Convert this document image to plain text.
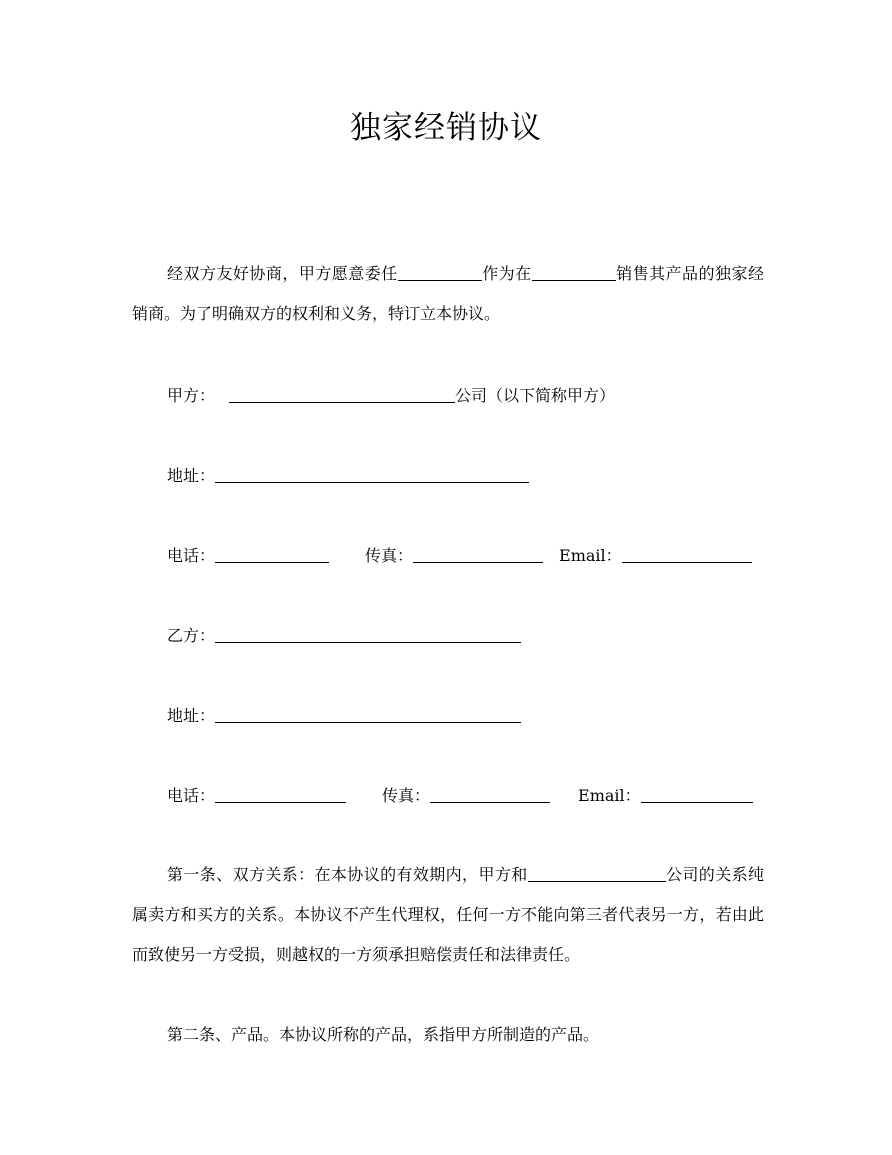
独家经销协议
经双方友好协商，甲方愿意委任	作为在	销售其产品的独家经销商。为了明确双方的权利和义务，特订立本协议。
甲方：	公司（以下简称甲方）
地址：
电话：	传真：	Email：
乙方：
地址：
电话：	传真：	Email：
第一条、双方关系：在本协议的有效期内，甲方和	公司的关系纯属卖方和买方的关系。本协议不产生代理权，任何一方不能向第三者代表另一方，若由此而致使另一方受损，则越权的一方须承担赔偿责任和法律责任。
第二条、产品。本协议所称的产品，系指甲方所制造的产品。
